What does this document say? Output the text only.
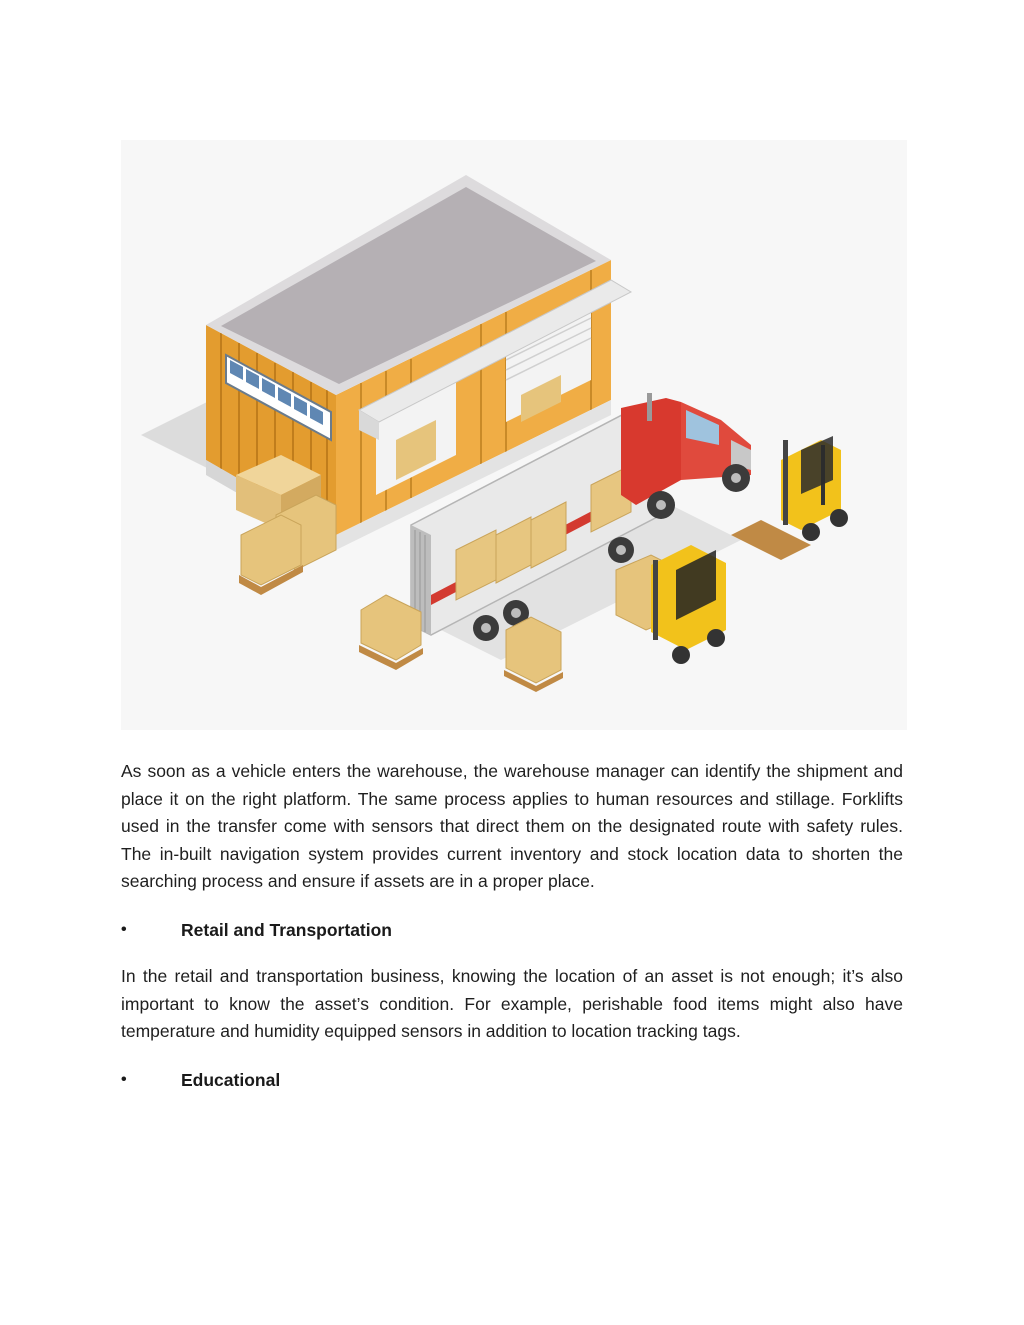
As soon as a vehicle enters the warehouse, the warehouse manager can identify the shipment and place it on the right platform. The same process applies to human resources and stillage. Forklifts used in the transfer come with sensors that direct them on the designated route with safety rules. The in-built navigation system provides current inventory and stock location data to shorten the searching process and ensure if assets are in a proper place.

•	Retail and Transportation

In the retail and transportation business, knowing the location of an asset is not enough; it’s also important to know the asset’s condition. For example, perishable food items might also have temperature and humidity equipped sensors in addition to location tracking tags.

•	Educational
